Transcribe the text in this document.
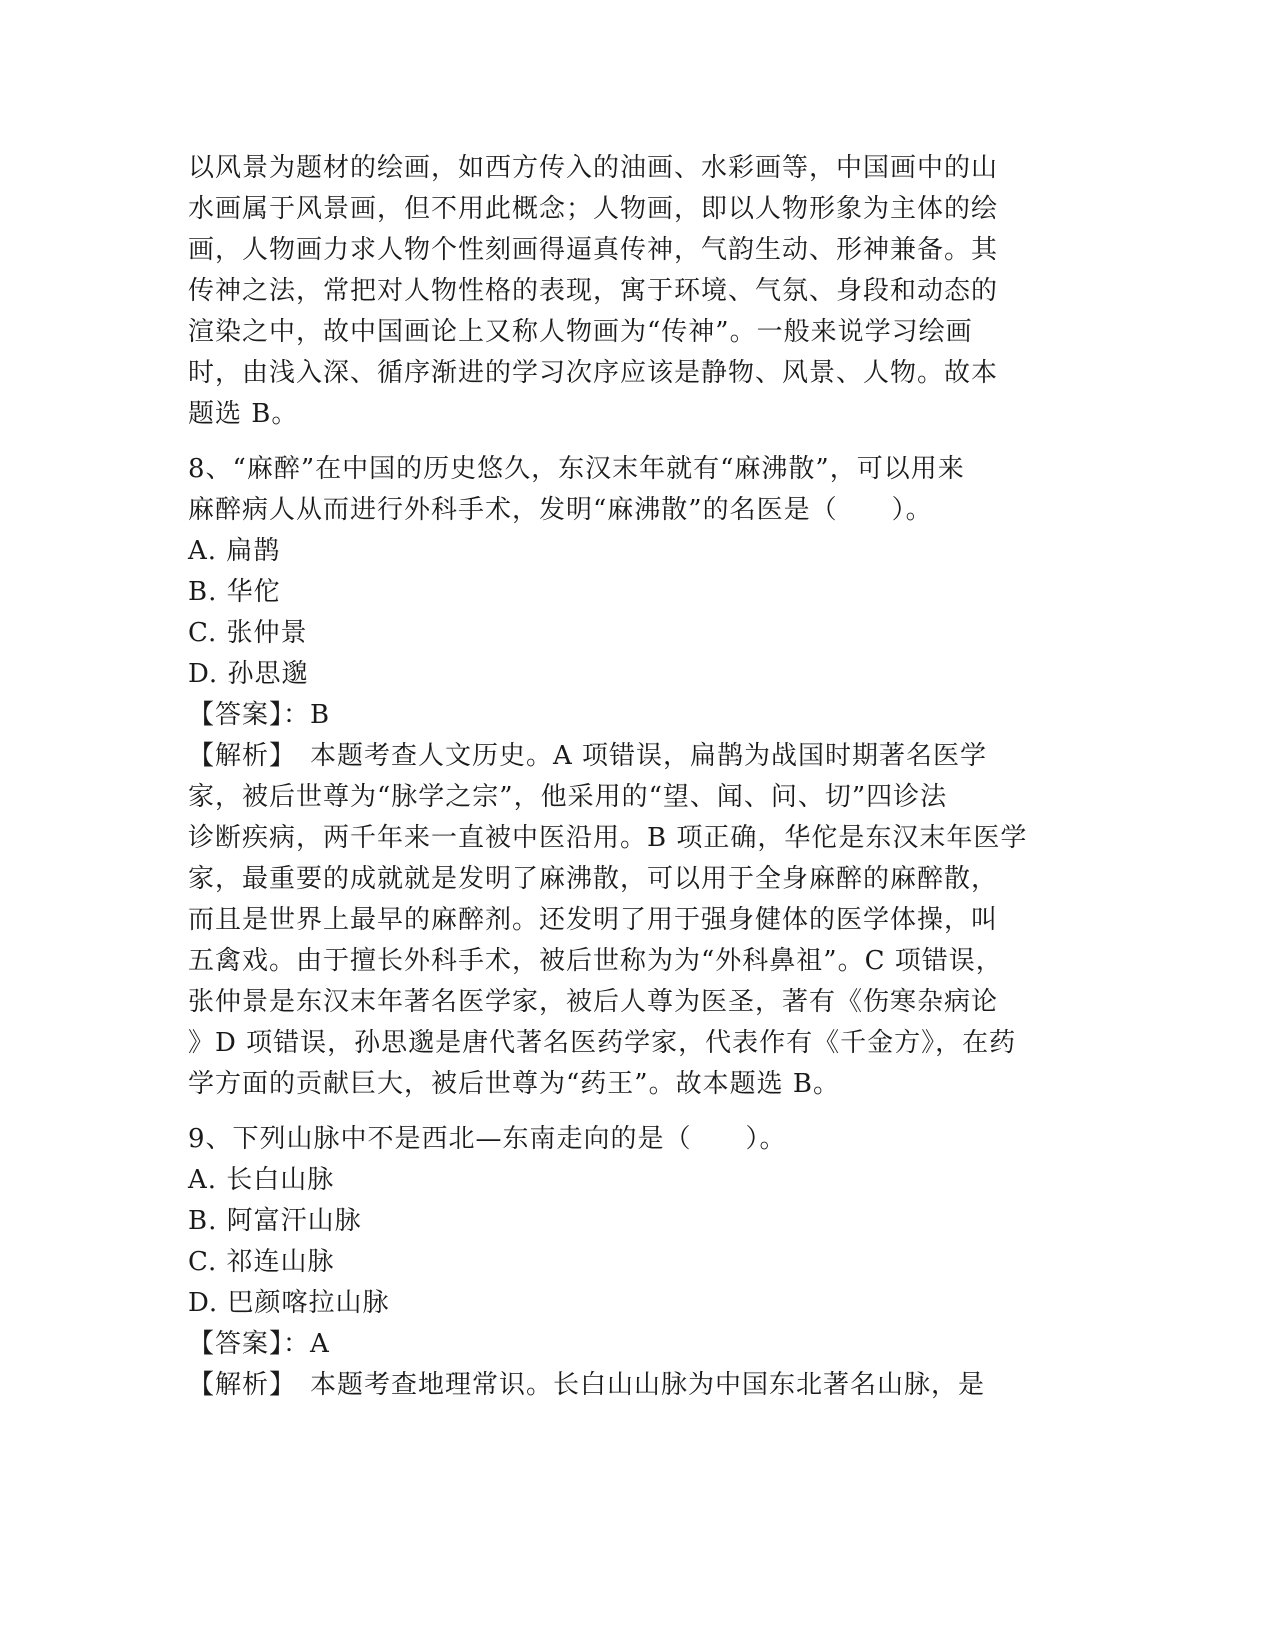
以风景为题材的绘画，如西方传入的油画、水彩画等，中国画中的山
水画属于风景画，但不用此概念；人物画，即以人物形象为主体的绘
画，人物画力求人物个性刻画得逼真传神，气韵生动、形神兼备。其
传神之法，常把对人物性格的表现，寓于环境、气氛、身段和动态的
渲染之中，故中国画论上又称人物画为“传神”。一般来说学习绘画
时，由浅入深、循序渐进的学习次序应该是静物、风景、人物。故本
题选 B。
8、“麻醉”在中国的历史悠久，东汉末年就有“麻沸散”，可以用来
麻醉病人从而进行外科手术，发明“麻沸散”的名医是（　　）。
A. 扁鹊
B. 华佗
C. 张仲景
D. 孙思邈
【答案】：B
【解析】　本题考查人文历史。A 项错误，扁鹊为战国时期著名医学
家，被后世尊为“脉学之宗”，他采用的“望、闻、问、切”四诊法
诊断疾病，两千年来一直被中医沿用。B 项正确，华佗是东汉末年医学
家，最重要的成就就是发明了麻沸散，可以用于全身麻醉的麻醉散，
而且是世界上最早的麻醉剂。还发明了用于强身健体的医学体操，叫
五禽戏。由于擅长外科手术，被后世称为为“外科鼻祖”。C 项错误，
张仲景是东汉末年著名医学家，被后人尊为医圣，著有《伤寒杂病论
》D 项错误，孙思邈是唐代著名医药学家，代表作有《千金方》，在药
学方面的贡献巨大，被后世尊为“药王”。故本题选 B。
9、下列山脉中不是西北—东南走向的是（　　）。
A. 长白山脉
B. 阿富汗山脉
C. 祁连山脉
D. 巴颜喀拉山脉
【答案】：A
【解析】　本题考查地理常识。长白山山脉为中国东北著名山脉，是
